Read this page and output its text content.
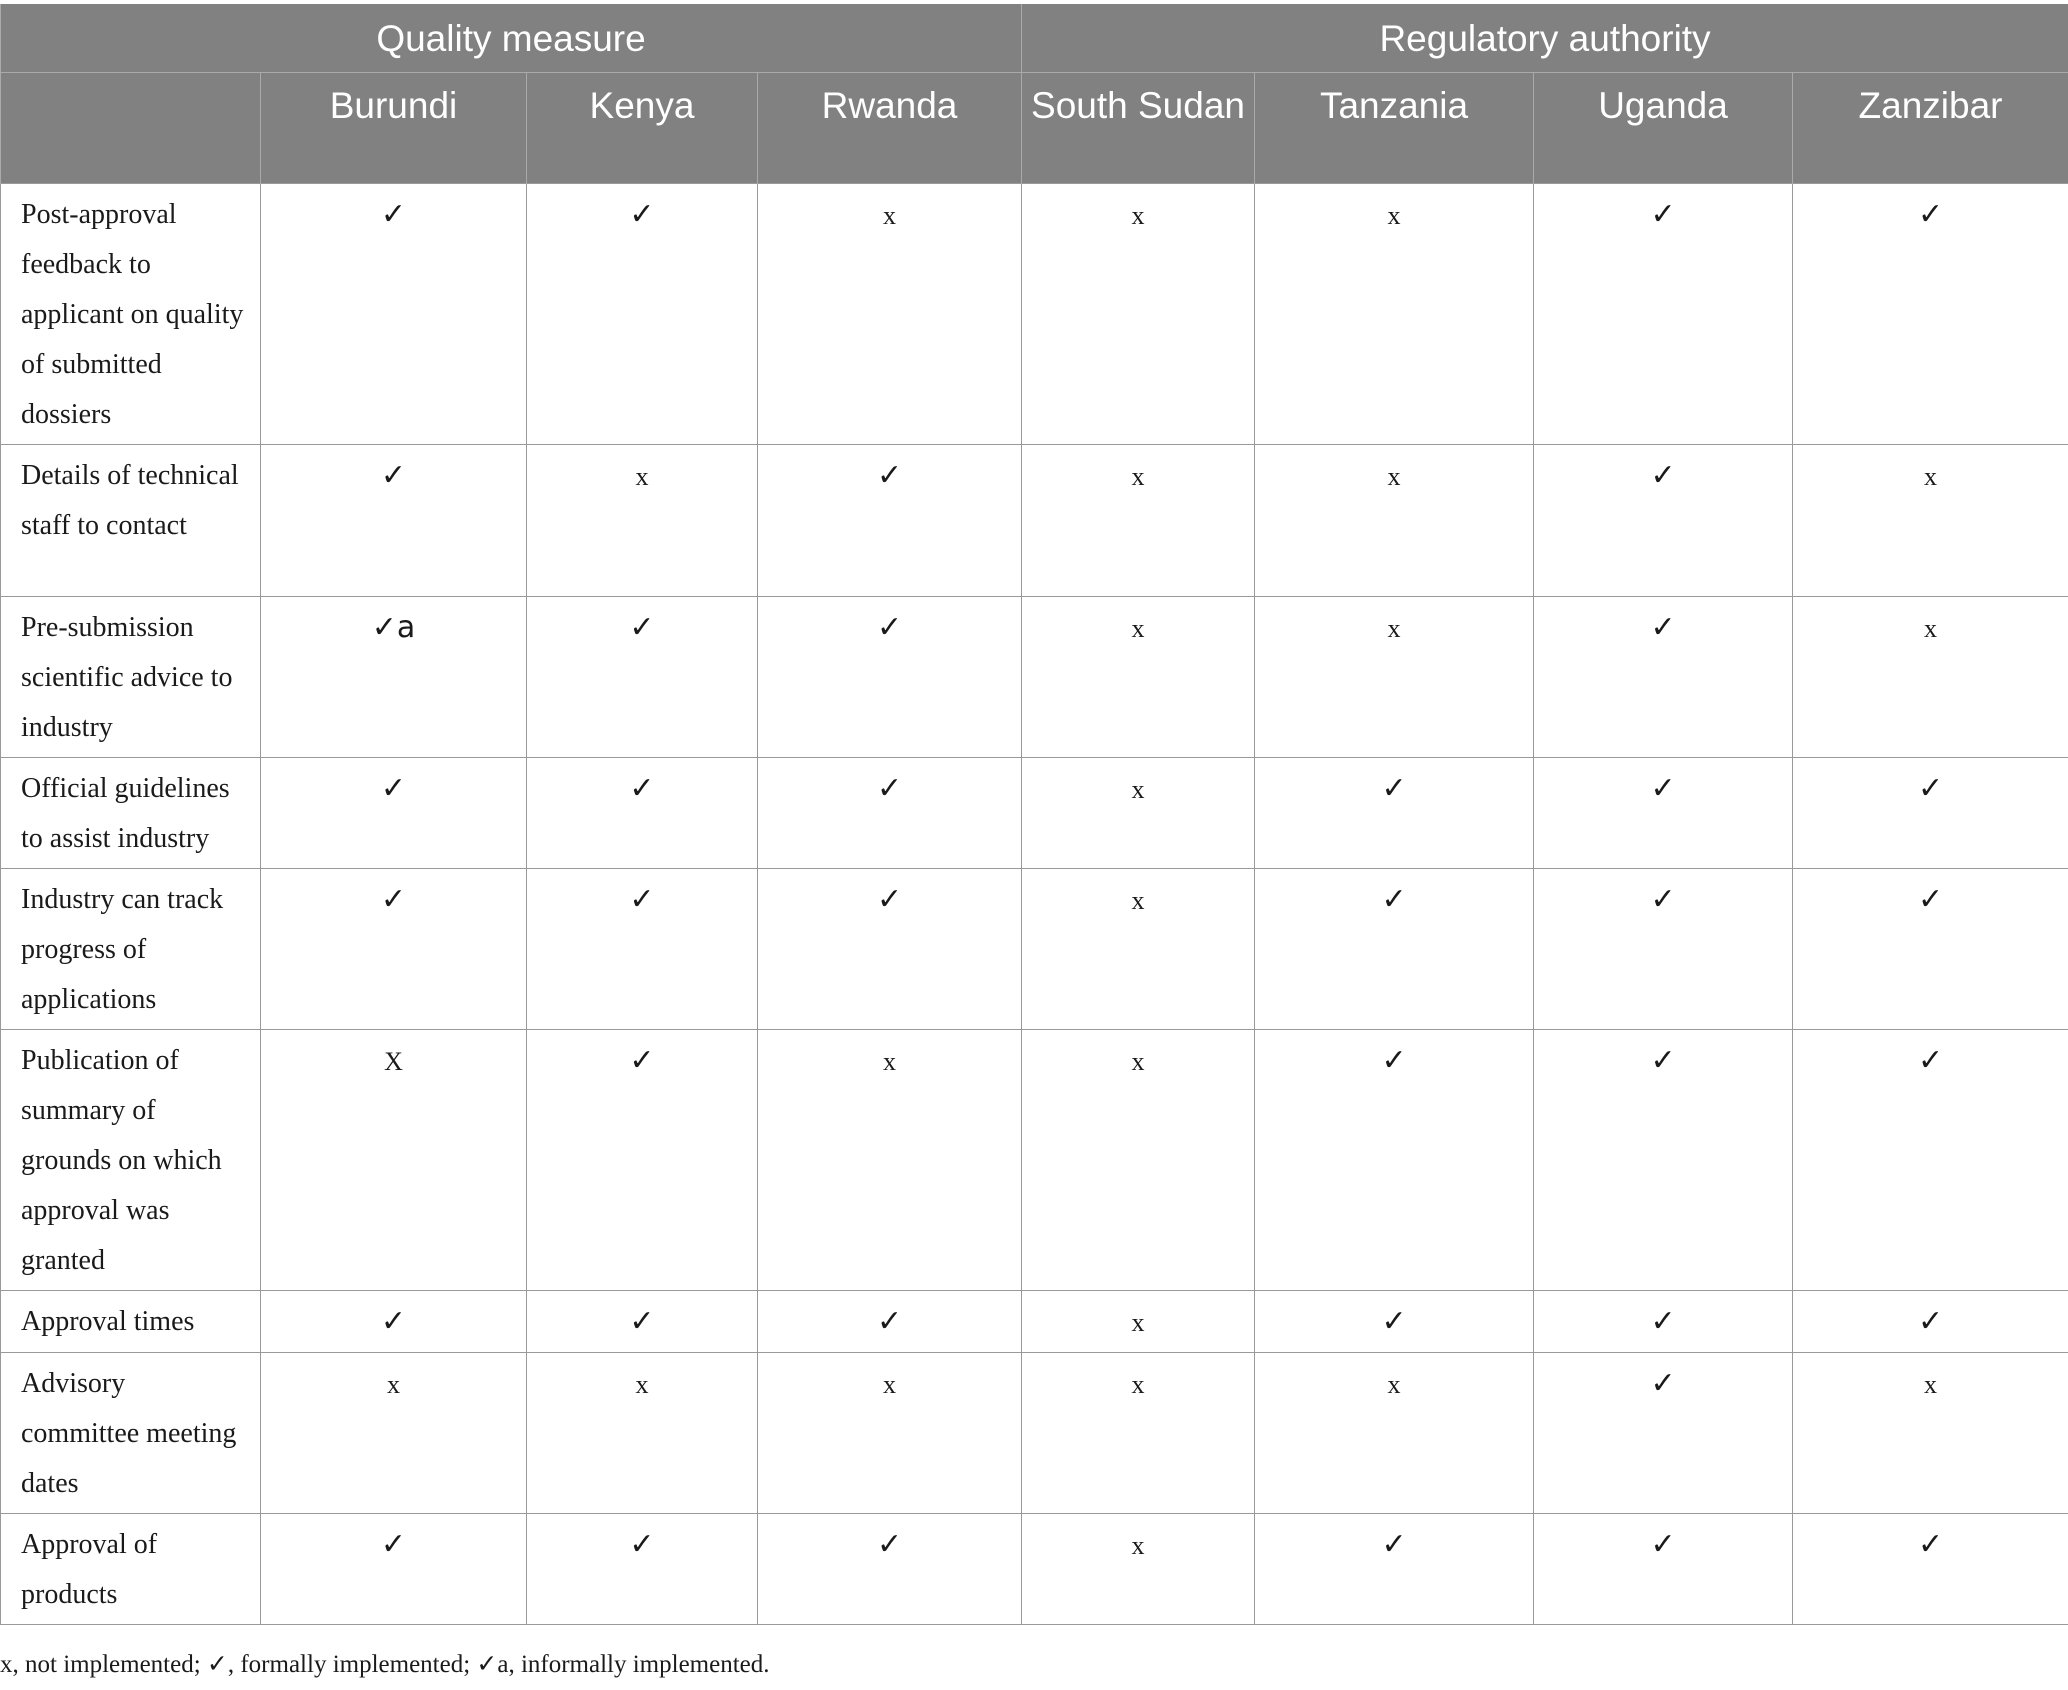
Quality measure				Regulatory authority			
	Burundi	Kenya	Rwanda	South Sudan	Tanzania	Uganda	Zanzibar
Post-approval feedback to applicant on quality of submitted dossiers	✓	✓	x	x	x	✓	✓
Details of technical staff to contact	✓	x	✓	x	x	✓	x
Pre-submission scientific advice to industry	✓a	✓	✓	x	x	✓	x
Official guidelines to assist industry	✓	✓	✓	x	✓	✓	✓
Industry can track progress of applications	✓	✓	✓	x	✓	✓	✓
Publication of summary of grounds on which approval was granted	X	✓	x	x	✓	✓	✓
Approval times	✓	✓	✓	x	✓	✓	✓
Advisory committee meeting dates	x	x	x	x	x	✓	x
Approval of products	✓	✓	✓	x	✓	✓	✓
x, not implemented; ✓, formally implemented; ✓a, informally implemented.
